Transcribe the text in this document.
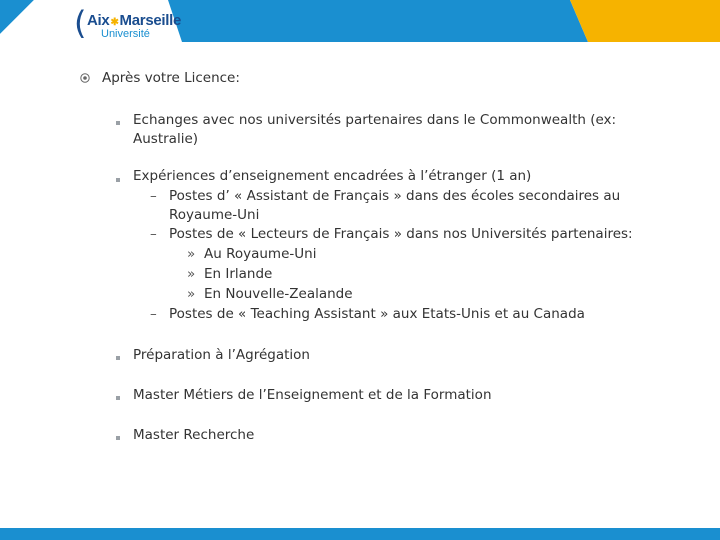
( Aix✱Marseille
Université
Après votre Licence:
Echanges avec nos universités partenaires dans le Commonwealth (ex:
Australie)
Expériences d’enseignement encadrées à l’étranger (1 an)
– Postes d’ « Assistant de Français » dans des écoles secondaires au
Royaume-Uni
– Postes de « Lecteurs de Français » dans nos Universités partenaires:
» Au Royaume-Uni
» En Irlande
» En Nouvelle-Zealande
– Postes de « Teaching Assistant » aux Etats-Unis et au Canada
Préparation à l’Agrégation
Master Métiers de l’Enseignement et de la Formation
Master Recherche
